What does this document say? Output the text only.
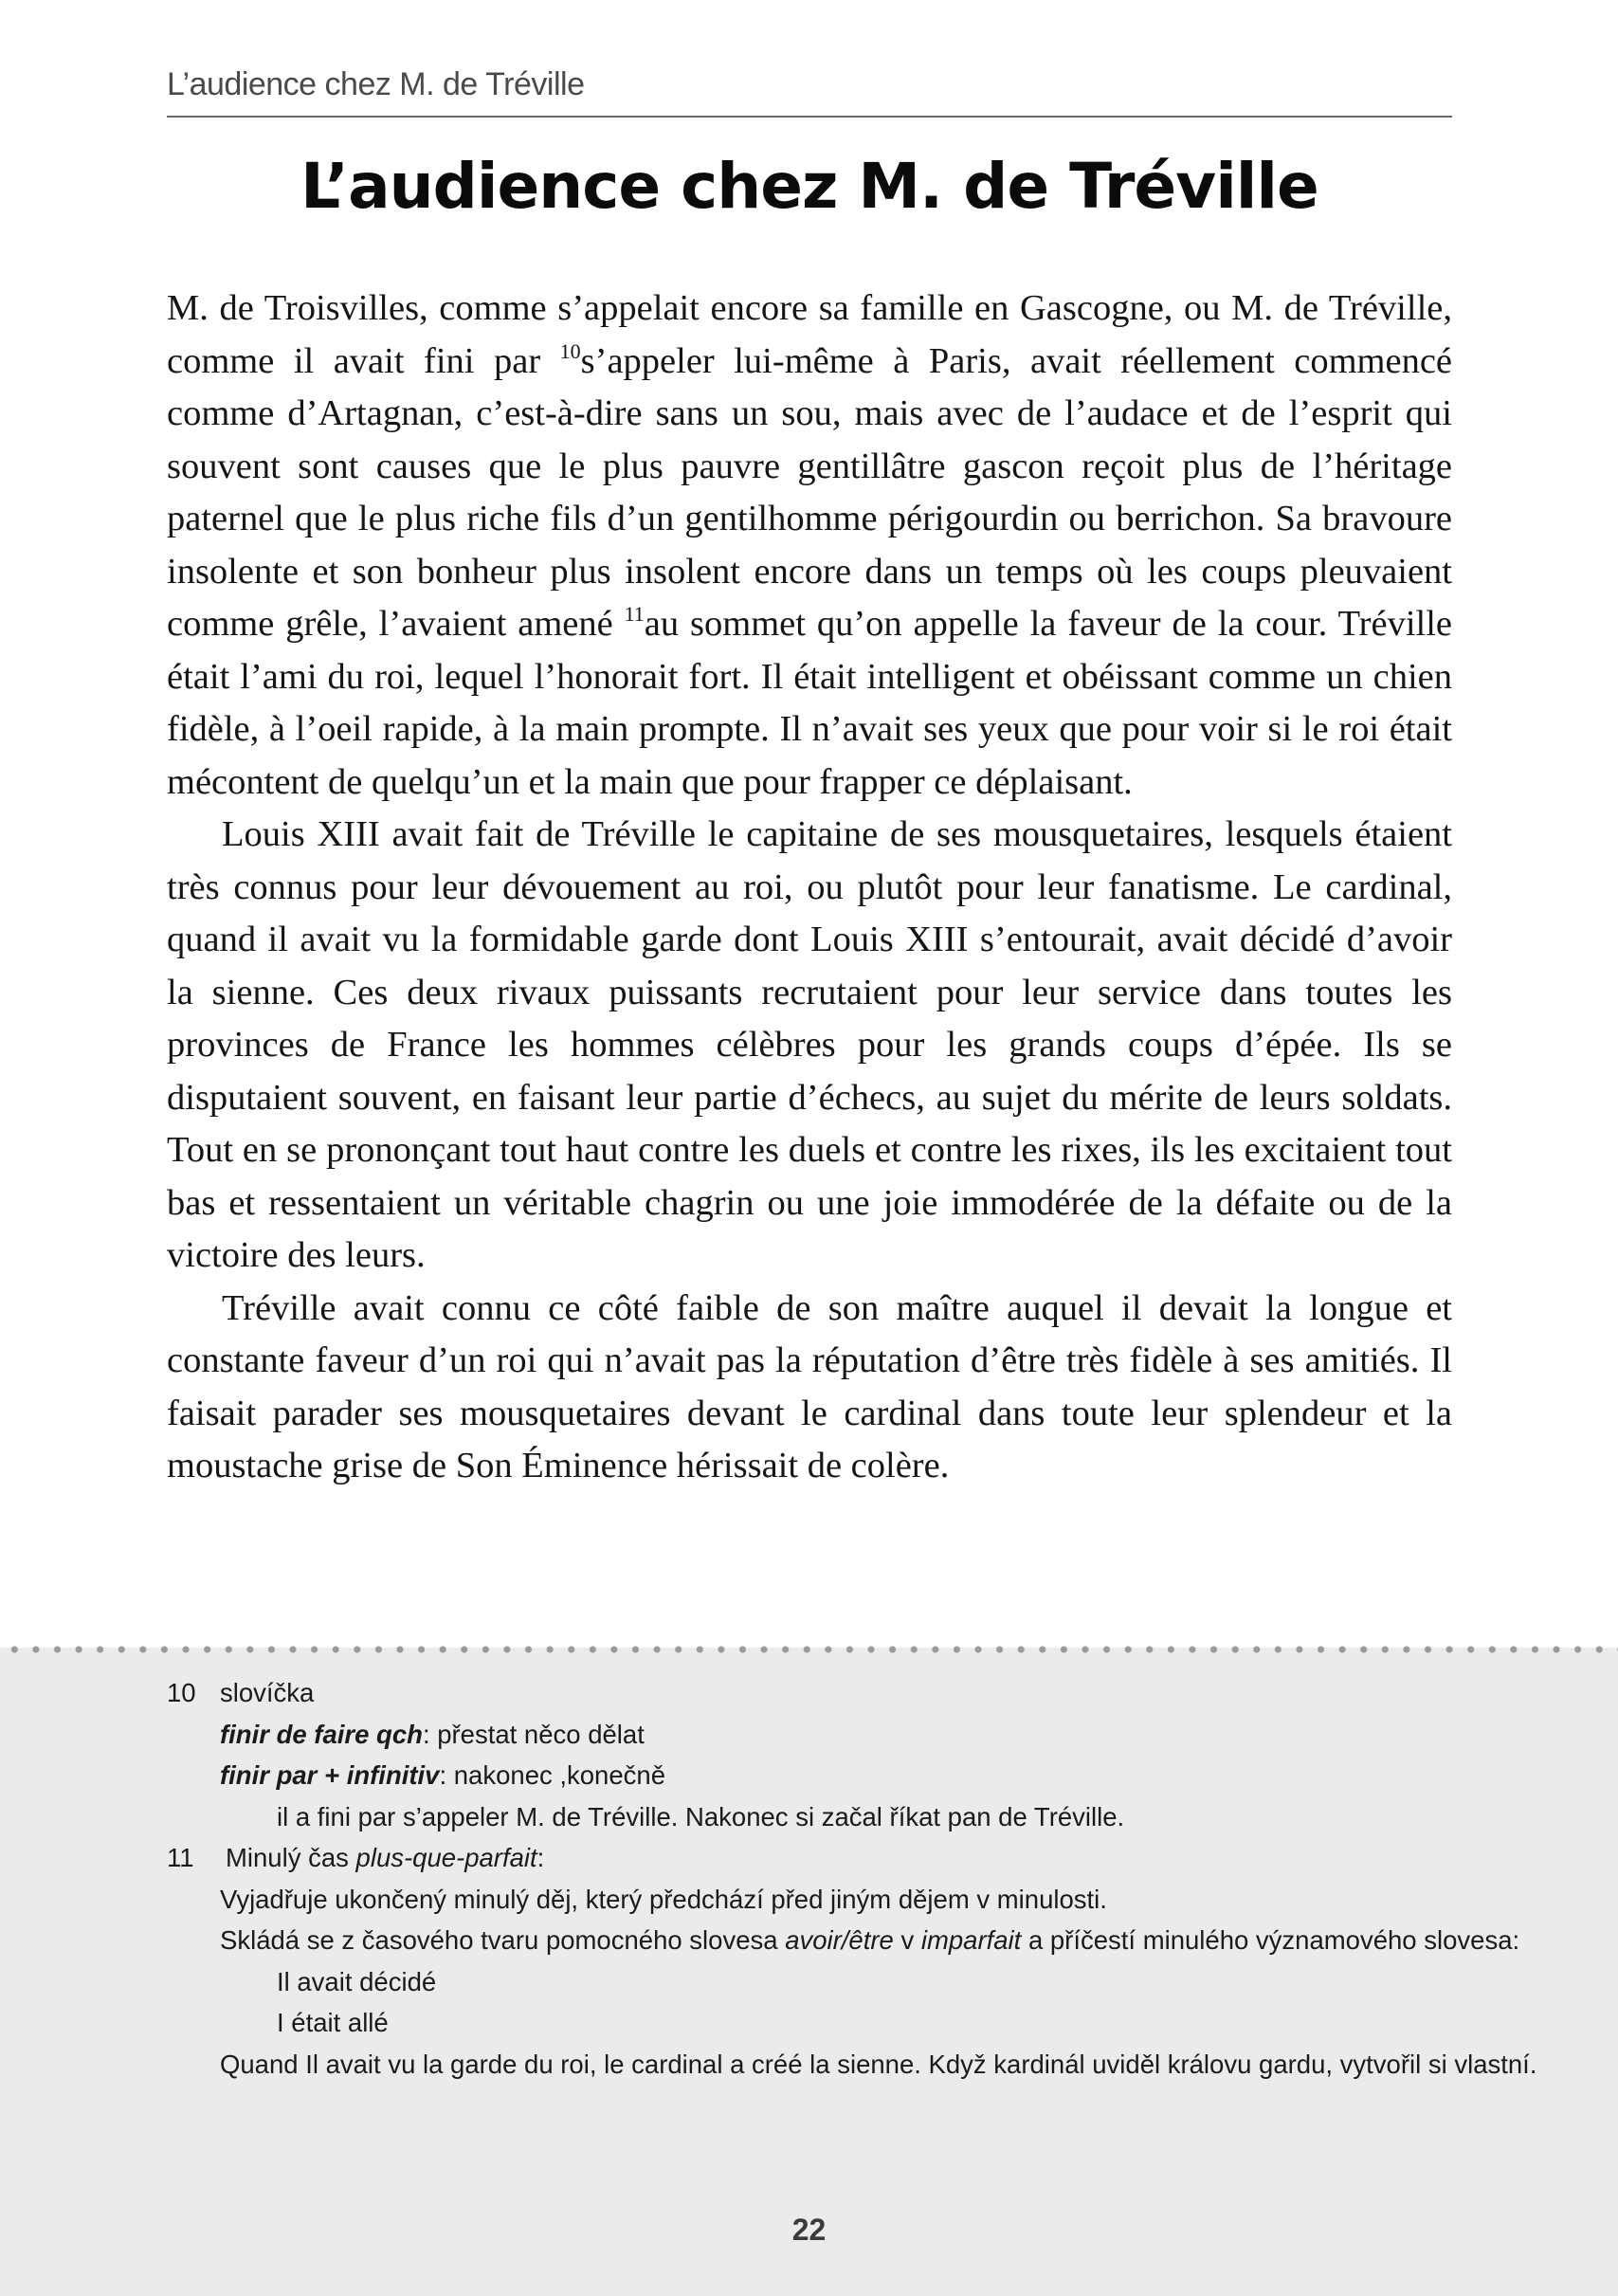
L’audience chez M. de Tréville
L’audience chez M. de Tréville

M. de Troisvilles, comme s’appelait encore sa famille en Gascogne, ou M. de Tréville, comme il avait fini par $^{10}$s’appeler lui-même à Paris, avait réellement commencé comme d’Artagnan, c’est-à-dire sans un sou, mais avec de l’audace et de l’esprit qui souvent sont causes que le plus pauvre gentillâtre gascon reçoit plus de l’héritage paternel que le plus riche fils d’un gentilhomme périgourdin ou berrichon. Sa bravoure insolente et son bonheur plus insolent encore dans un temps où les coups pleuvaient comme grêle, l’avaient amené $^{11}$au sommet qu’on appelle la faveur de la cour. Tréville était l’ami du roi, lequel l’honorait fort. Il était intelligent et obéissant comme un chien fidèle, à l’oeil rapide, à la main prompte. Il n’avait ses yeux que pour voir si le roi était mécontent de quelqu’un et la main que pour frapper ce déplaisant.

Louis XIII avait fait de Tréville le capitaine de ses mousquetaires, lesquels étaient très connus pour leur dévouement au roi, ou plutôt pour leur fanatisme. Le cardinal, quand il avait vu la formidable garde dont Louis XIII s’entourait, avait décidé d’avoir la sienne. Ces deux rivaux puissants recrutaient pour leur service dans toutes les provinces de France les hommes célèbres pour les grands coups d’épée. Ils se disputaient souvent, en faisant leur partie d’échecs, au sujet du mérite de leurs soldats. Tout en se prononçant tout haut contre les duels et contre les rixes, ils les excitaient tout bas et ressentaient un véritable chagrin ou une joie immodérée de la défaite ou de la victoire des leurs.

Tréville avait connu ce côté faible de son maître auquel il devait la longue et constante faveur d’un roi qui n’avait pas la réputation d’être très fidèle à ses amitiés. Il faisait parader ses mousquetaires devant le cardinal dans toute leur splendeur et la moustache grise de Son Éminence hérissait de colère.

10 slovíčka
finir de faire qch: přestat něco dělat
finir par + infinitiv: nakonec ,konečně
il a fini par s’appeler M. de Tréville. Nakonec si začal říkat pan de Tréville.
11 Minulý čas plus-que-parfait:
Vyjadřuje ukončený minulý děj, který předchází před jiným dějem v minulosti.
Skládá se z časového tvaru pomocného slovesa avoir/être v imparfait a příčestí minulého významového slovesa:
Il avait décidé
I était allé
Quand Il avait vu la garde du roi, le cardinal a créé la sienne. Když kardinál uviděl královu gardu, vytvořil si vlastní.
22
